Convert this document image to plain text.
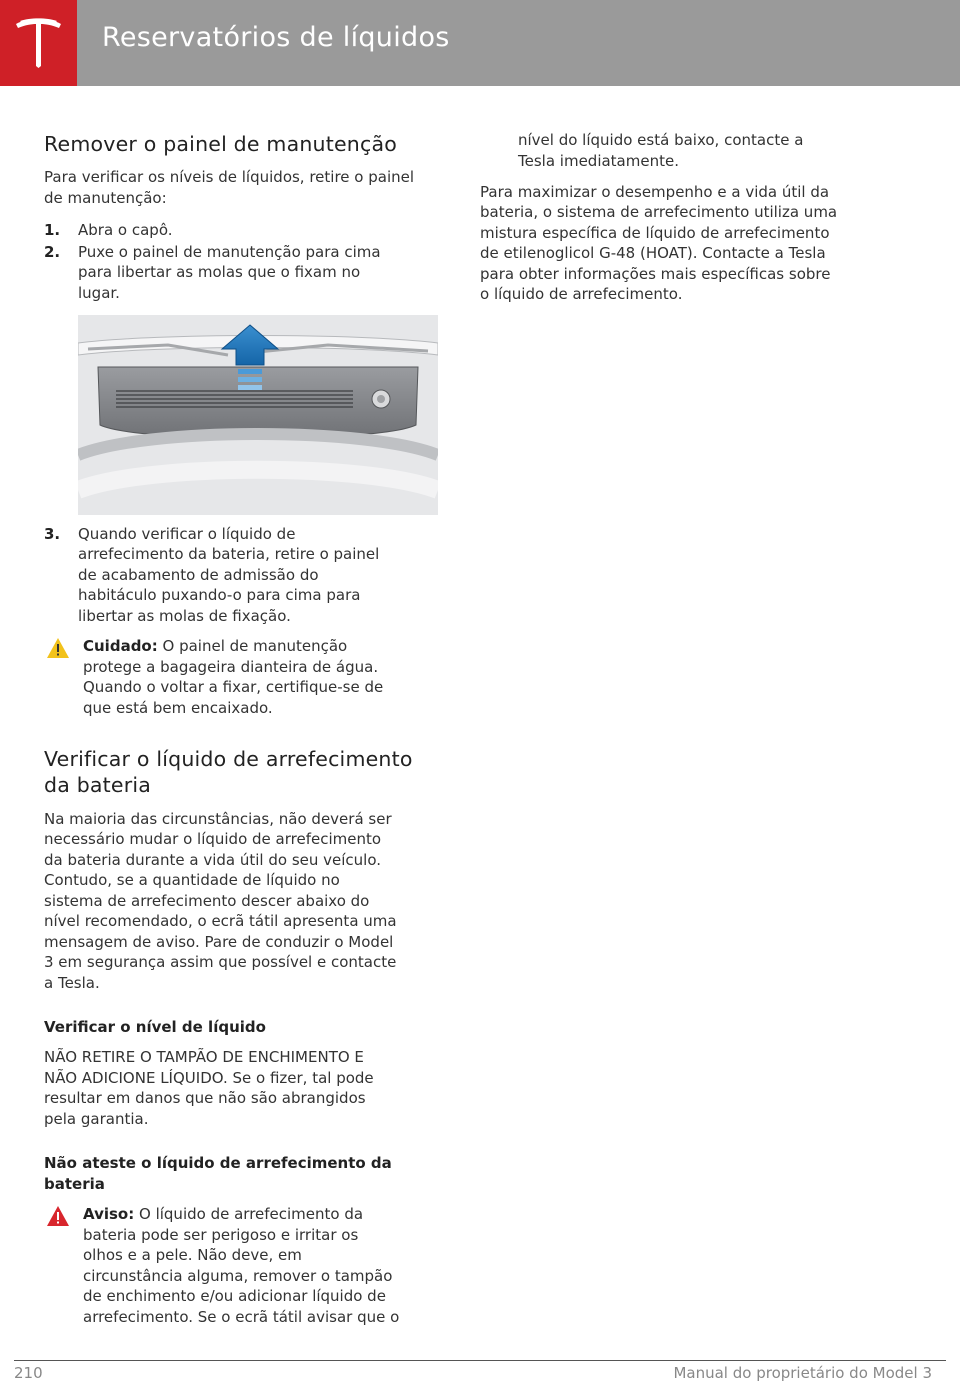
Reservatórios de líquidos
Remover o painel de manutenção
Para verificar os níveis de líquidos, retire o painel de manutenção:
1. Abra o capô.
2. Puxe o painel de manutenção para cima
para libertar as molas que o fixam no
lugar.
3. Quando verificar o líquido de
arrefecimento da bateria, retire o painel
de acabamento de admissão do
habitáculo puxando-o para cima para
libertar as molas de fixação.
Cuidado: O painel de manutenção
protege a bagageira dianteira de água.
Quando o voltar a fixar, certifique-se de
que está bem encaixado.
Verificar o líquido de arrefecimento
da bateria
Na maioria das circunstâncias, não deverá ser
necessário mudar o líquido de arrefecimento
da bateria durante a vida útil do seu veículo.
Contudo, se a quantidade de líquido no
sistema de arrefecimento descer abaixo do
nível recomendado, o ecrã tátil apresenta uma
mensagem de aviso. Pare de conduzir o Model
3 em segurança assim que possível e contacte
a Tesla.
Verificar o nível de líquido
NÃO RETIRE O TAMPÃO DE ENCHIMENTO E
NÃO ADICIONE LÍQUIDO. Se o fizer, tal pode
resultar em danos que não são abrangidos
pela garantia.
Não ateste o líquido de arrefecimento da
bateria
Aviso: O líquido de arrefecimento da
bateria pode ser perigoso e irritar os
olhos e a pele. Não deve, em
circunstância alguma, remover o tampão
de enchimento e/ou adicionar líquido de
arrefecimento. Se o ecrã tátil avisar que o
nível do líquido está baixo, contacte a
Tesla imediatamente.
Para maximizar o desempenho e a vida útil da
bateria, o sistema de arrefecimento utiliza uma
mistura específica de líquido de arrefecimento
de etilenoglicol G-48 (HOAT). Contacte a Tesla
para obter informações mais específicas sobre
o líquido de arrefecimento.
210	Manual do proprietário do Model 3
